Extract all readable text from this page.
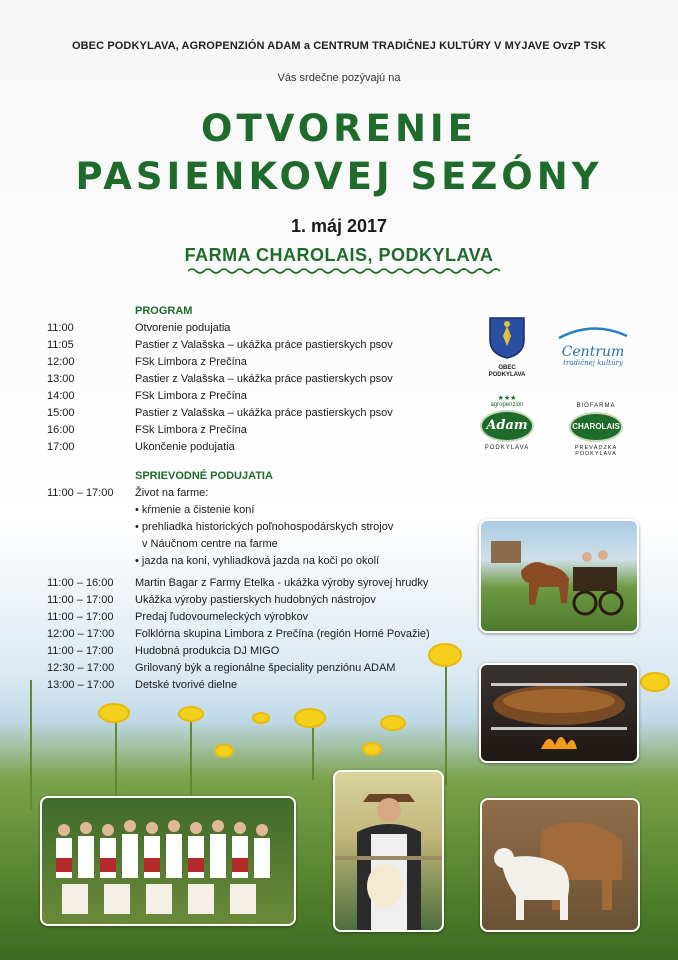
OBEC PODKYLAVA, AGROPENZIÓN ADAM a CENTRUM TRADIČNEJ KULTÚRY V MYJAVE OvzP TSK
Vás srdečne pozývajú na
OTVORENIE
PASIENKOVEJ SEZÓNY
1. máj 2017
FARMA CHAROLAIS, PODKYLAVA
PROGRAM
11:00	Otvorenie podujatia
11:05	Pastier z Valašska – ukážka práce pastierskych psov
12:00	FSk Limbora z Prečína
13:00	Pastier z Valašska – ukážka práce pastierskych psov
14:00	FSk Limbora z Prečína
15:00	Pastier z Valašska – ukážka práce pastierskych psov
16:00	FSk Limbora z Prečína
17:00	Ukončenie podujatia
SPRIEVODNÉ PODUJATIA
11:00 – 17:00 Život na farme:
• kŕmenie a čistenie koní
• prehliadka historických poľnohospodárskych strojov
v Náučnom centre na farme
• jazda na koni, vyhliadková jazda na koči po okolí
11:00 – 16:00 Martin Bagar z Farmy Etelka - ukážka výroby syrovej hrudky
11:00 – 17:00 Ukážka výroby pastierskych hudobných nástrojov
11:00 – 17:00 Predaj ľudovoumeleckých výrobkov
12:00 – 17:00 Folklórna skupina Limbora z Prečína (región Horné Považie)
11:00 – 17:00 Hudobná produkcia DJ MIGO
12:30 – 17:00 Grilovaný býk a regionálne špeciality penziónu ADAM
13:00 – 17:00 Detské tvorivé dielne
OBEC
PODKYLAVA
Centrum
tradičnej kultúry
★★★
agropenzión
Adam
PODKYLAVA
BIOFARMA
CHAROLAIS
PREVÁDZKA
PODKYLAVA
